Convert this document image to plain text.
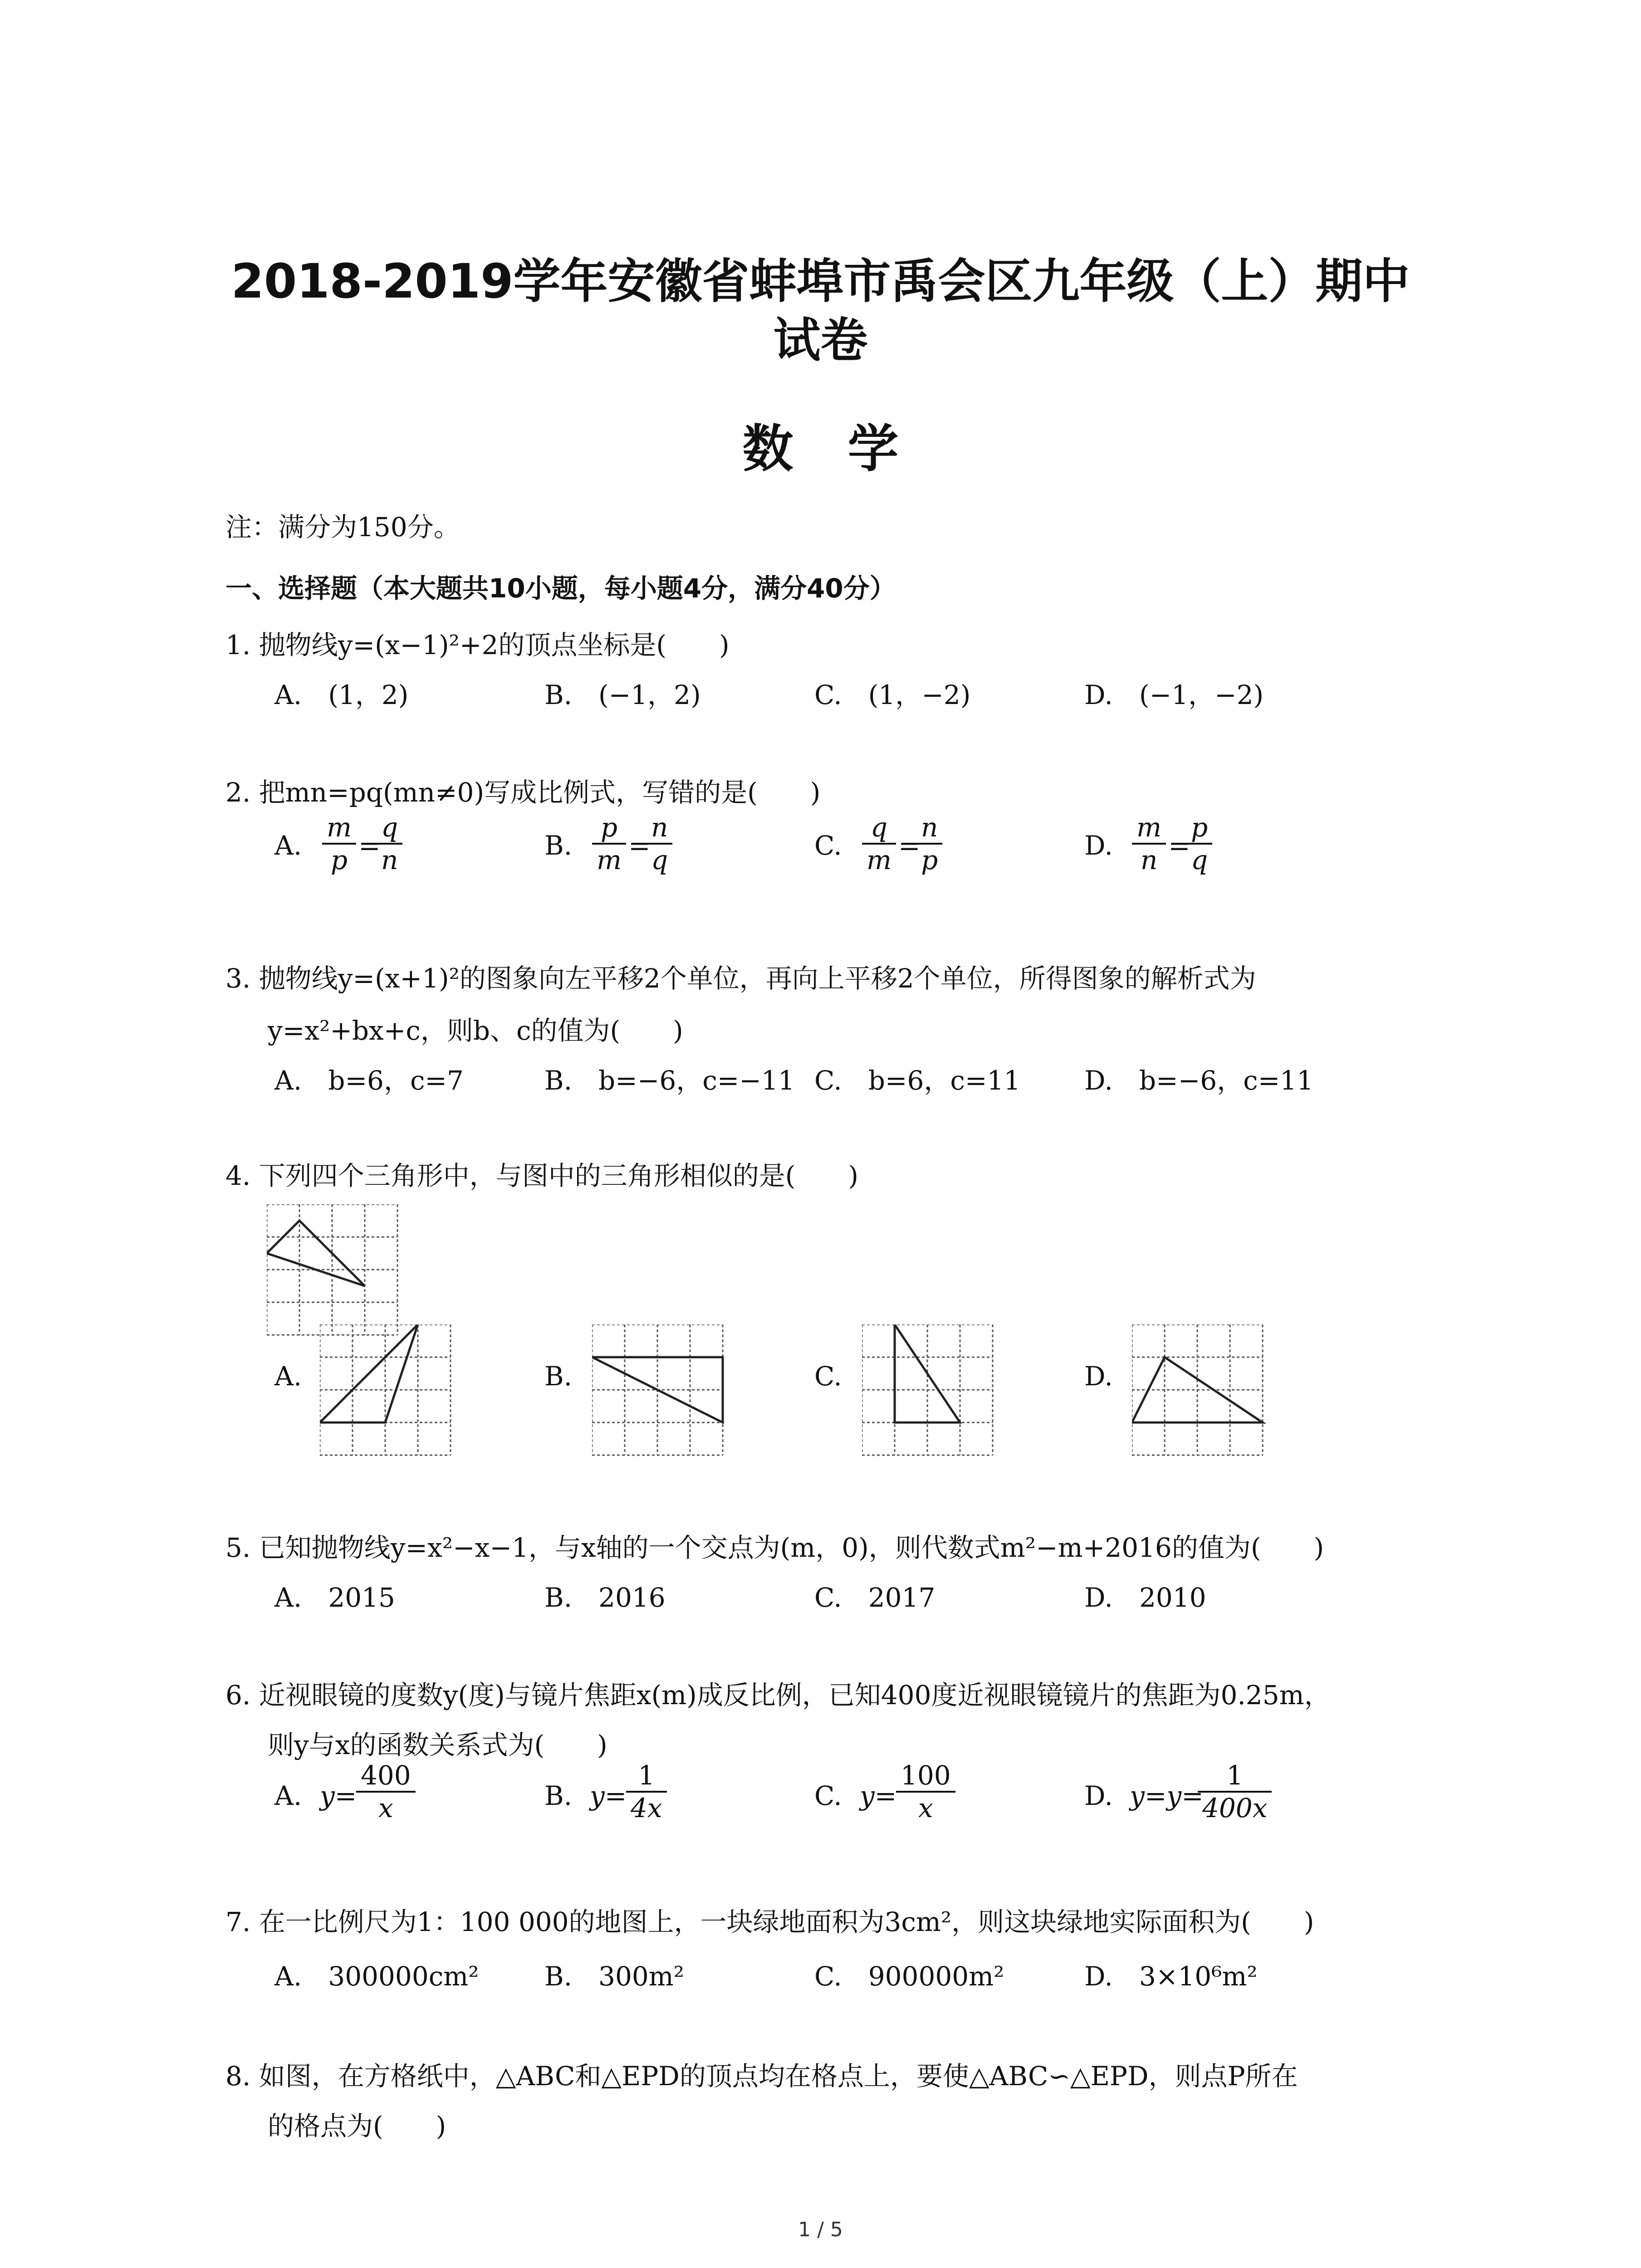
2018-2019学年安徽省蚌埠市禹会区九年级（上）期中
试卷
数学
注：满分为150分。
一、选择题（本大题共10小题，每小题4分，满分40分）
1. 抛物线y=(x−1)²+2的顶点坐标是(　　)
A.　(1，2)	B.　(−1，2)	C.　(1，−2)	D.　(−1，−2)
2. 把mn=pq(mn≠0)写成比例式，写错的是(　　)
A.
m
p =
q
n	B.
p
m =
n
q	C.
q
m =
n
p	D.
m
n =
p
q
3. 抛物线y=(x+1)²的图象向左平移2个单位，再向上平移2个单位，所得图象的解析式为
y=x²+bx+c，则b、c的值为(　　)
A.　b=6，c=7	B.　b=−6，c=−11 C.　b=6，c=11 D.　b=−6，c=11
4. 下列四个三角形中，与图中的三角形相似的是(　　)
A.	B.	C.	D.
5. 已知抛物线y=x²−x−1，与x轴的一个交点为(m，0)，则代数式m²−m+2016的值为(　　)
A.　2015	B.　2016	C.　2017	D.　2010
6. 近视眼镜的度数y(度)与镜片焦距x(m)成反比例，已知400度近视眼镜镜片的焦距为0.25m，
则y与x的函数关系式为(　　)
A. y=
400
x	B. y=
1
4x	C. y=
100
x	D. y=y=
1
400x
7. 在一比例尺为1：100 000的地图上，一块绿地面积为3cm²，则这块绿地实际面积为(　　)
A.　300000cm² B.　300m²	C.　900000m²	D.　3×10⁶m²
8. 如图，在方格纸中，△ABC和△EPD的顶点均在格点上，要使△ABC∽△EPD，则点P所在
的格点为(　　)
1 / 5
